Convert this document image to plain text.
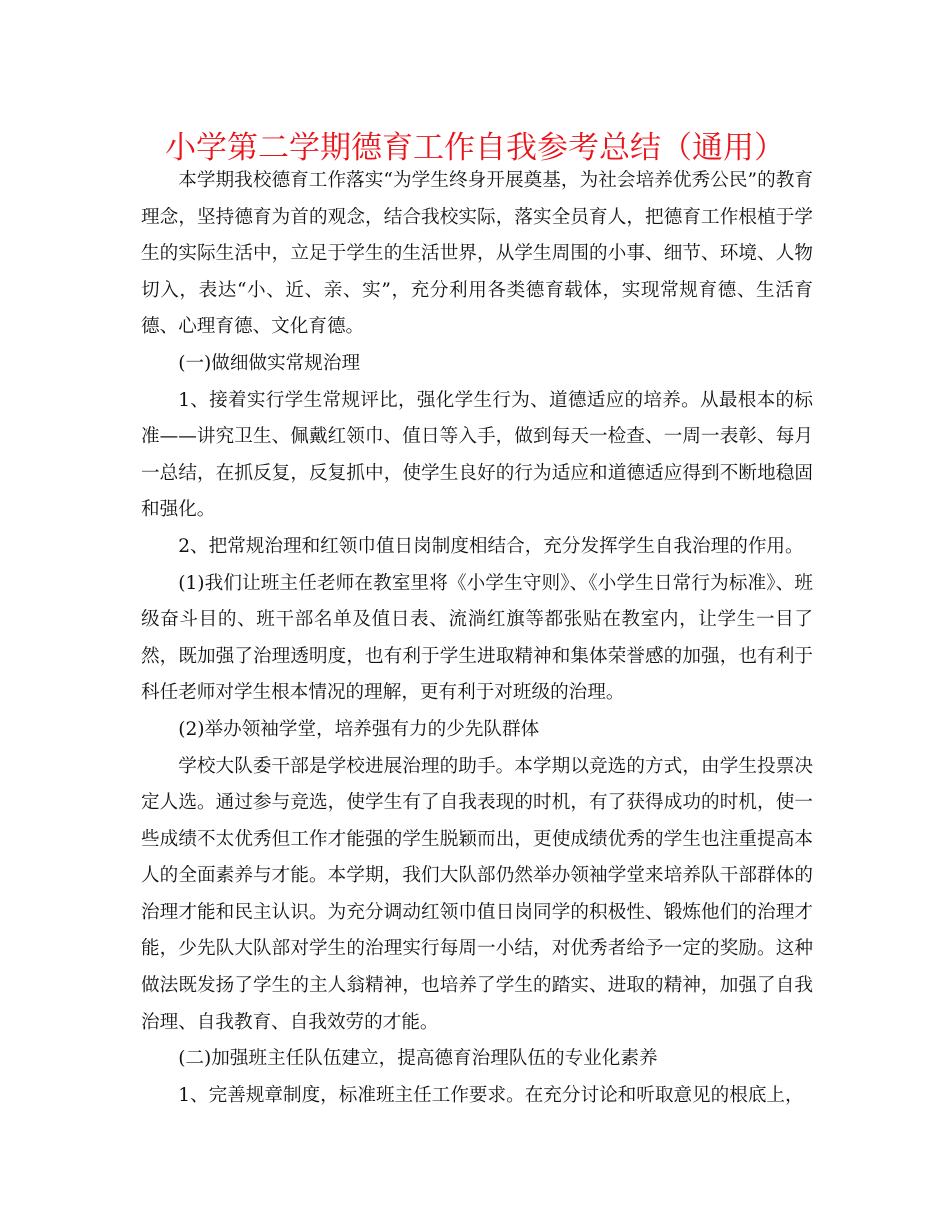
小学第二学期德育工作自我参考总结（通用）

本学期我校德育工作落实“为学生终身开展奠基，为社会培养优秀公民”的教育理念，坚持德育为首的观念，结合我校实际，落实全员育人，把德育工作根植于学生的实际生活中，立足于学生的生活世界，从学生周围的小事、细节、环境、人物切入，表达“小、近、亲、实”，充分利用各类德育载体，实现常规育德、生活育德、心理育德、文化育德。

(一)做细做实常规治理

1、接着实行学生常规评比，强化学生行为、道德适应的培养。从最根本的标准——讲究卫生、佩戴红领巾、值日等入手，做到每天一检查、一周一表彰、每月一总结，在抓反复，反复抓中，使学生良好的行为适应和道德适应得到不断地稳固和强化。

2、把常规治理和红领巾值日岗制度相结合，充分发挥学生自我治理的作用。

(1)我们让班主任老师在教室里将《小学生守则》、《小学生日常行为标准》、班级奋斗目的、班干部名单及值日表、流淌红旗等都张贴在教室内，让学生一目了然，既加强了治理透明度，也有利于学生进取精神和集体荣誉感的加强，也有利于科任老师对学生根本情况的理解，更有利于对班级的治理。

(2)举办领袖学堂，培养强有力的少先队群体

学校大队委干部是学校进展治理的助手。本学期以竞选的方式，由学生投票决定人选。通过参与竞选，使学生有了自我表现的时机，有了获得成功的时机，使一些成绩不太优秀但工作才能强的学生脱颖而出，更使成绩优秀的学生也注重提高本人的全面素养与才能。本学期，我们大队部仍然举办领袖学堂来培养队干部群体的治理才能和民主认识。为充分调动红领巾值日岗同学的积极性、锻炼他们的治理才能，少先队大队部对学生的治理实行每周一小结，对优秀者给予一定的奖励。这种做法既发扬了学生的主人翁精神，也培养了学生的踏实、进取的精神，加强了自我治理、自我教育、自我效劳的才能。

(二)加强班主任队伍建立，提高德育治理队伍的专业化素养

1、完善规章制度，标准班主任工作要求。在充分讨论和听取意见的根底上，
